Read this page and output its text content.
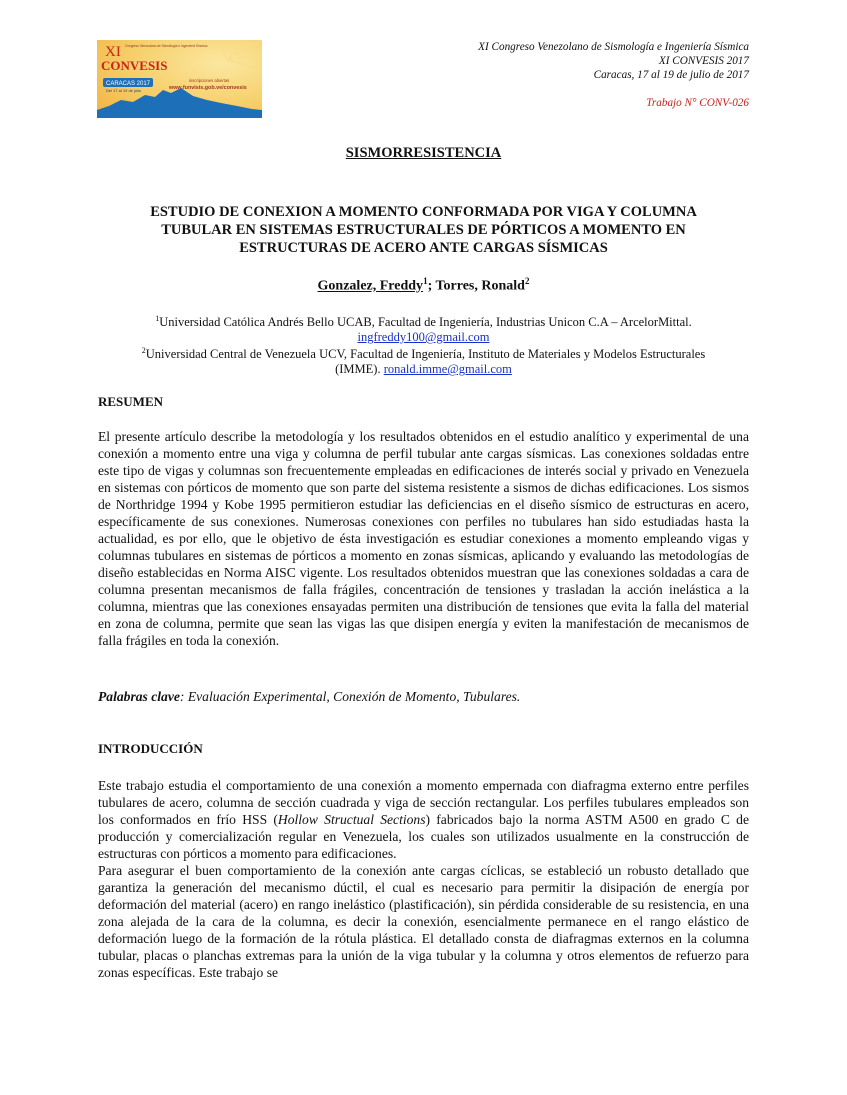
XI
CONVESIS
Congreso Venezolano de Sismología e Ingeniería Sísmica
CARACAS 2017
Del 17 al 19 de julio
inscripciones abiertas
www.funvisis.gob.ve/convesis
XI Congreso Venezolano de Sismología e Ingeniería Sísmica
XI CONVESIS 2017
Caracas, 17 al 19 de julio de 2017
Trabajo N° CONV-026
SISMORRESISTENCIA
ESTUDIO DE CONEXION A MOMENTO CONFORMADA POR VIGA Y COLUMNA
TUBULAR EN SISTEMAS ESTRUCTURALES DE PÓRTICOS A MOMENTO EN
ESTRUCTURAS DE ACERO ANTE CARGAS SÍSMICAS
Gonzalez, Freddy$^1$; Torres, Ronald$^2$
$^1$Universidad Católica Andrés Bello UCAB, Facultad de Ingeniería, Industrias Unicon C.A – ArcelorMittal.
ingfreddy100@gmail.com
$^2$Universidad Central de Venezuela UCV, Facultad de Ingeniería, Instituto de Materiales y Modelos Estructurales
(IMME). ronald.imme@gmail.com
RESUMEN
El presente artículo describe la metodología y los resultados obtenidos en el estudio analítico y experimental de una conexión a momento entre una viga y columna de perfil tubular ante cargas sísmicas. Las conexiones soldadas entre este tipo de vigas y columnas son frecuentemente empleadas en edificaciones de interés social y privado en Venezuela en sistemas con pórticos de momento que son parte del sistema resistente a sismos de dichas edificaciones. Los sismos de Northridge 1994 y Kobe 1995 permitieron estudiar las deficiencias en el diseño sísmico de estructuras en acero, específicamente de sus conexiones. Numerosas conexiones con perfiles no tubulares han sido estudiadas hasta la actualidad, es por ello, que le objetivo de ésta investigación es estudiar conexiones a momento empleando vigas y columnas tubulares en sistemas de pórticos a momento en zonas sísmicas, aplicando y evaluando las metodologías de diseño establecidas en Norma AISC vigente. Los resultados obtenidos muestran que las conexiones soldadas a cara de columna presentan mecanismos de falla frágiles, concentración de tensiones y trasladan la acción inelástica a la columna, mientras que las conexiones ensayadas permiten una distribución de tensiones que evita la falla del material en zona de columna, permite que sean las vigas las que disipen energía y eviten la manifestación de mecanismos de falla frágiles en toda la conexión.
Palabras clave: Evaluación Experimental, Conexión de Momento, Tubulares.
INTRODUCCIÓN

Este trabajo estudia el comportamiento de una conexión a momento empernada con diafragma externo entre perfiles tubulares de acero, columna de sección cuadrada y viga de sección rectangular. Los perfiles tubulares empleados son los conformados en frío HSS (Hollow Structual Sections) fabricados bajo la norma ASTM A500 en grado C de producción y comercialización regular en Venezuela, los cuales son utilizados usualmente en la construcción de estructuras con pórticos a momento para edificaciones.

Para asegurar el buen comportamiento de la conexión ante cargas cíclicas, se estableció un robusto detallado que garantiza la generación del mecanismo dúctil, el cual es necesario para permitir la disipación de energía por deformación del material (acero) en rango inelástico (plastificación), sin pérdida considerable de su resistencia, en una zona alejada de la cara de la columna, es decir la conexión, esencialmente permanece en el rango elástico de deformación luego de la formación de la rótula plástica. El detallado consta de diafragmas externos en la columna tubular, placas o planchas extremas para la unión de la viga tubular y la columna y otros elementos de refuerzo para zonas específicas. Este trabajo se
